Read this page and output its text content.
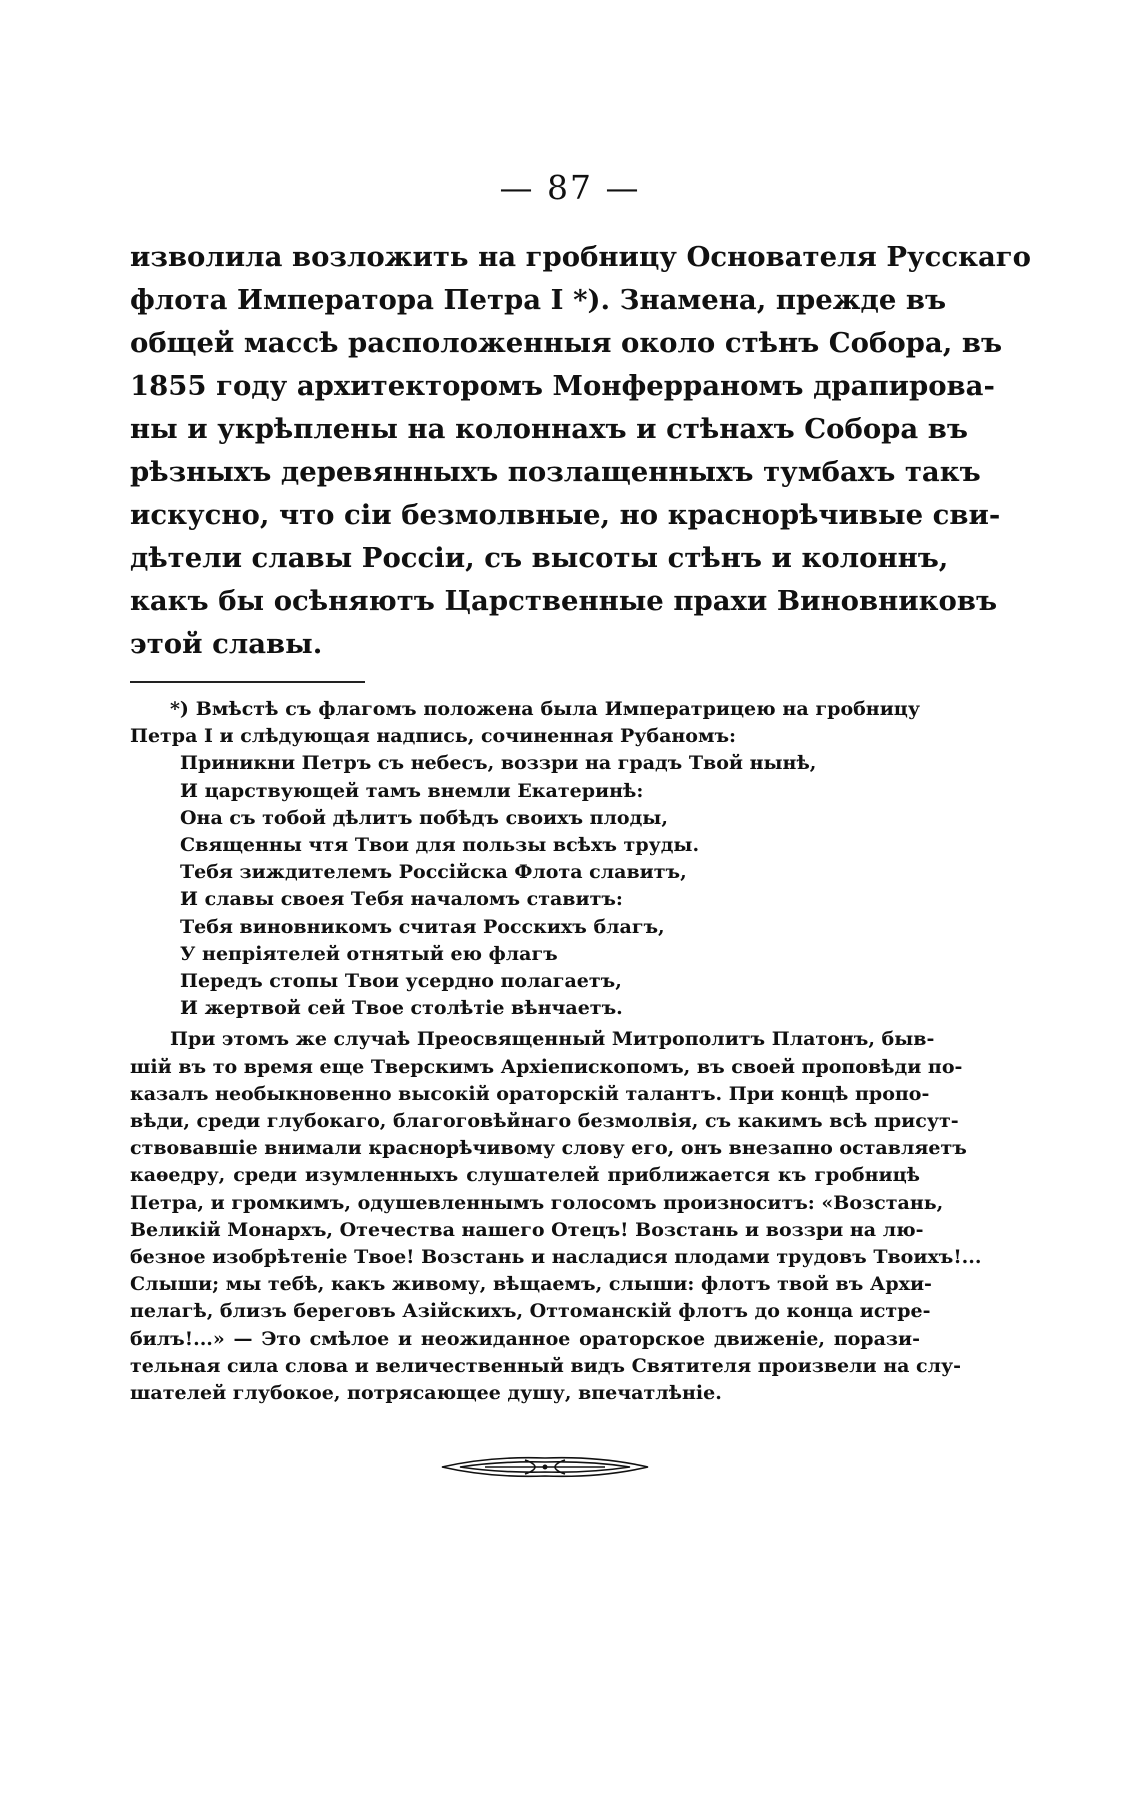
— 87 —
изволила возложить на гробницу Основателя Русскаго
флота Императора Петра I *). Знамена, прежде въ
общей массѣ расположенныя около стѣнъ Собора, въ
1855 году архитекторомъ Монферраномъ драпирова-
ны и укрѣплены на колоннахъ и стѣнахъ Собора въ
рѣзныхъ деревянныхъ позлащенныхъ тумбахъ такъ
искусно, что сіи безмолвные, но краснорѣчивые сви-
дѣтели славы Россіи, съ высоты стѣнъ и колоннъ,
какъ бы осѣняютъ Царственные прахи Виновниковъ
этой славы.
*) Вмѣстѣ съ флагомъ положена была Императрицею на гробницу
Петра I и слѣдующая надпись, сочиненная Рубаномъ:
Приникни Петръ съ небесъ, воззри на градъ Твой нынѣ,
И царствующей тамъ внемли Екатеринѣ:
Она съ тобой дѣлитъ побѣдъ своихъ плоды,
Священны чтя Твои для пользы всѣхъ труды.
Тебя зиждителемъ Россійска Флота славитъ,
И славы своея Тебя началомъ ставитъ:
Тебя виновникомъ считая Росскихъ благъ,
У непріятелей отнятый ею флагъ
Передъ стопы Твои усердно полагаетъ,
И жертвой сей Твое столѣтіе вѣнчаетъ.
При этомъ же случаѣ Преосвященный Митрополитъ Платонъ, быв-
шій въ то время еще Тверскимъ Архіепископомъ, въ своей проповѣди по-
казалъ необыкновенно высокій ораторскій талантъ. При концѣ пропо-
вѣди, среди глубокаго, благоговѣйнаго безмолвія, съ какимъ всѣ присут-
ствовавшіе внимали краснорѣчивому слову его, онъ внезапно оставляетъ
каѳедру, среди изумленныхъ слушателей приближается къ гробницѣ
Петра, и громкимъ, одушевленнымъ голосомъ произноситъ: «Возстань,
Великій Монархъ, Отечества нашего Отецъ! Возстань и воззри на лю-
безное изобрѣтеніе Твое! Возстань и насладися плодами трудовъ Твоихъ!...
Слыши; мы тебѣ, какъ живому, вѣщаемъ, слыши: флотъ твой въ Архи-
пелагѣ, близъ береговъ Азійскихъ, Оттоманскій флотъ до конца истре-
билъ!...» — Это смѣлое и неожиданное ораторское движеніе, порази-
тельная сила слова и величественный видъ Святителя произвели на слу-
шателей глубокое, потрясающее душу, впечатлѣніе.
